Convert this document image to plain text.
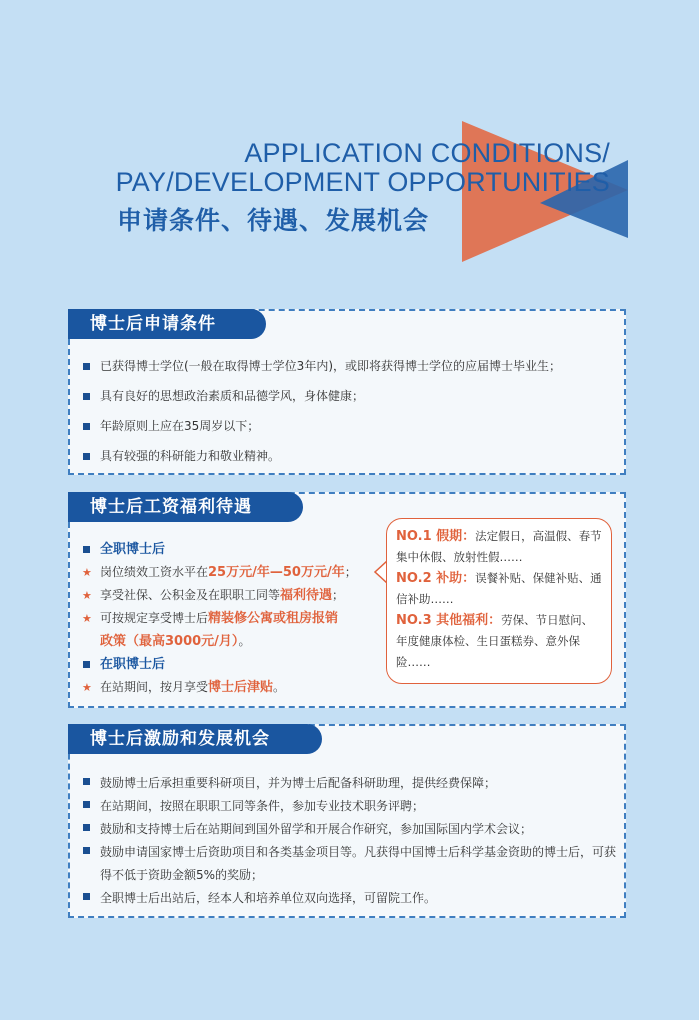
APPLICATION CONDITIONS/
PAY/DEVELOPMENT OPPORTUNITIES
申请条件、待遇、发展机会
博士后申请条件
已获得博士学位(一般在取得博士学位3年内)，或即将获得博士学位的应届博士毕业生；
具有良好的思想政治素质和品德学风，身体健康；
年龄原则上应在35周岁以下；
具有较强的科研能力和敬业精神。
博士后工资福利待遇
全职博士后
★ 岗位绩效工资水平在25万元/年—50万元/年；
★ 享受社保、公积金及在职职工同等福利待遇；
★ 可按规定享受博士后精装修公寓或租房报销
政策（最高3000元/月）。
在职博士后
★ 在站期间，按月享受博士后津贴。
NO.1 假期：法定假日，高温假、春节集中休假、放射性假……
NO.2 补助：误餐补贴、保健补贴、通信补助……
NO.3 其他福利：劳保、节日慰问、年度健康体检、生日蛋糕券、意外保险……
博士后激励和发展机会
鼓励博士后承担重要科研项目，并为博士后配备科研助理，提供经费保障；
在站期间，按照在职职工同等条件，参加专业技术职务评聘；
鼓励和支持博士后在站期间到国外留学和开展合作研究，参加国际国内学术会议；
鼓励申请国家博士后资助项目和各类基金项目等。凡获得中国博士后科学基金资助的博士后，可获得不低于资助金额5%的奖励；
全职博士后出站后，经本人和培养单位双向选择，可留院工作。
